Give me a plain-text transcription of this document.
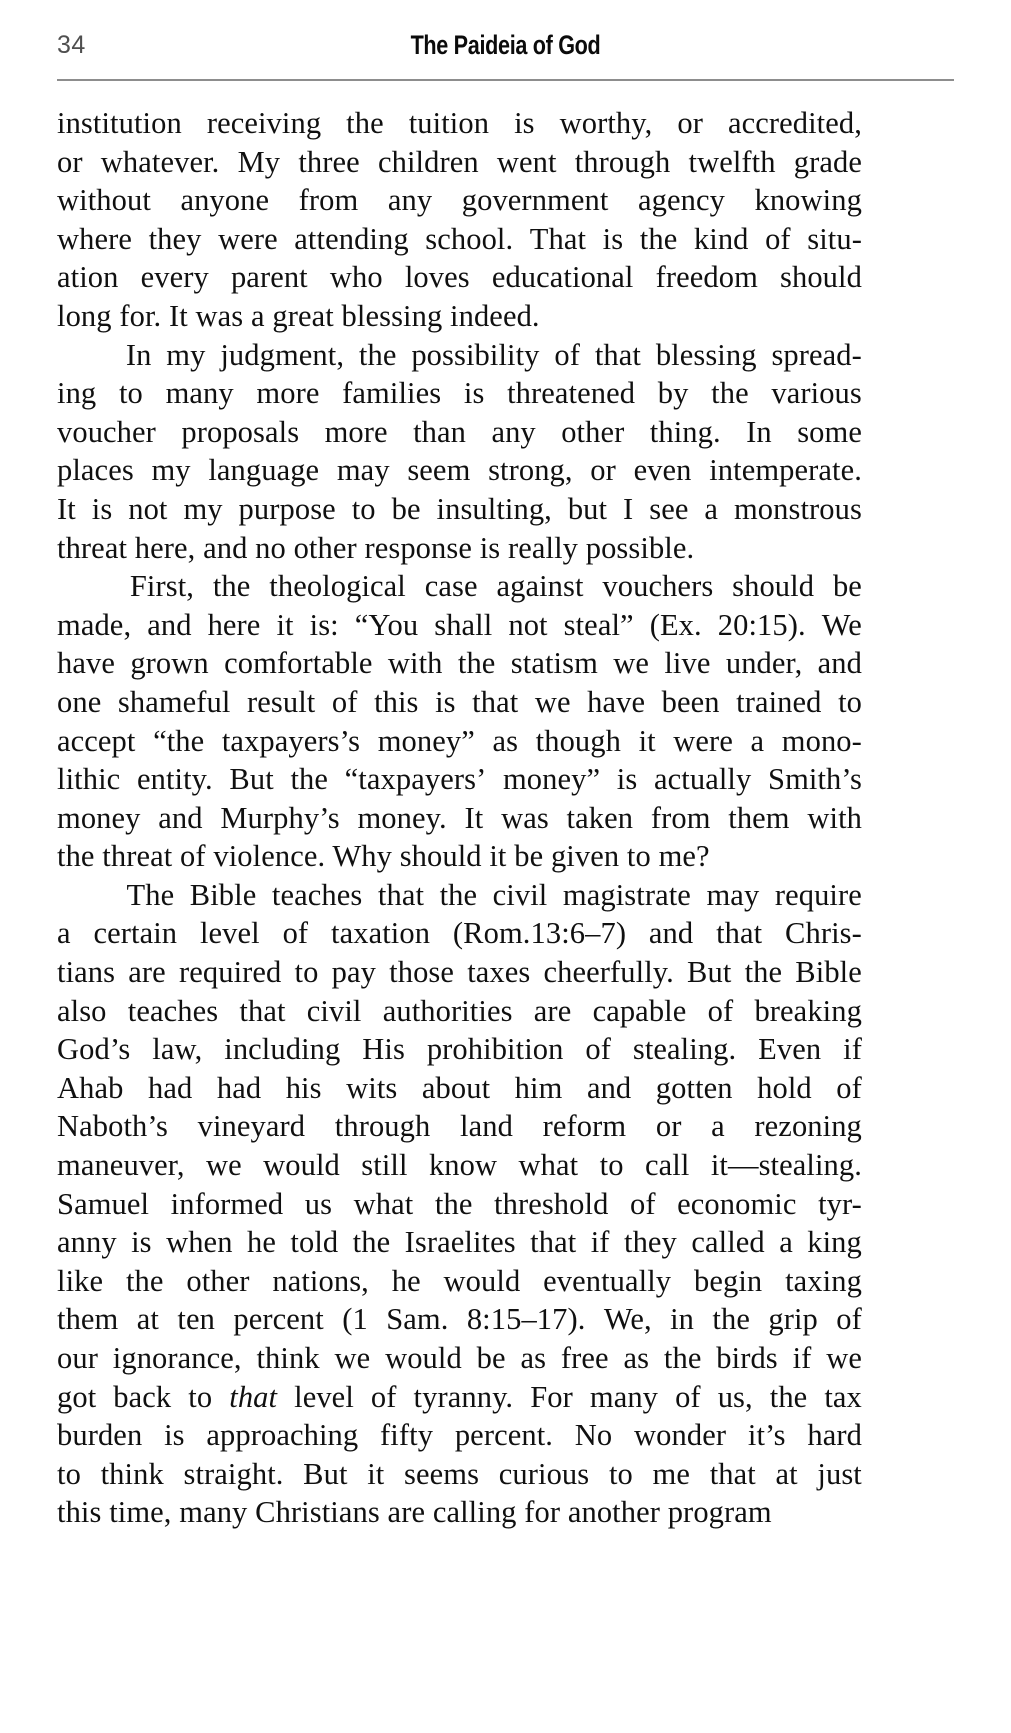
34	The Paideia of God

institution receiving the tuition is worthy, or accredited,
or whatever. My three children went through twelfth grade
without anyone from any government agency knowing
where they were attending school. That is the kind of situ-
ation every parent who loves educational freedom should
long for. It was a great blessing indeed.

In my judgment, the possibility of that blessing spread-
ing to many more families is threatened by the various
voucher proposals more than any other thing. In some
places my language may seem strong, or even intemperate.
It is not my purpose to be insulting, but I see a monstrous
threat here, and no other response is really possible.

First, the theological case against vouchers should be
made, and here it is: “You shall not steal” (Ex. 20:15). We
have grown comfortable with the statism we live under, and
one shameful result of this is that we have been trained to
accept “the taxpayers’s money” as though it were a mono-
lithic entity. But the “taxpayers’ money” is actually Smith’s
money and Murphy’s money. It was taken from them with
the threat of violence. Why should it be given to me?

The Bible teaches that the civil magistrate may require
a certain level of taxation (Rom.13:6–7) and that Chris-
tians are required to pay those taxes cheerfully. But the Bible
also teaches that civil authorities are capable of breaking
God’s law, including His prohibition of stealing. Even if
Ahab had had his wits about him and gotten hold of
Naboth’s vineyard through land reform or a rezoning
maneuver, we would still know what to call it—stealing.
Samuel informed us what the threshold of economic tyr-
anny is when he told the Israelites that if they called a king
like the other nations, he would eventually begin taxing
them at ten percent (1 Sam. 8:15–17). We, in the grip of
our ignorance, think we would be as free as the birds if we
got back to that level of tyranny. For many of us, the tax
burden is approaching fifty percent. No wonder it’s hard
to think straight. But it seems curious to me that at just
this time, many Christians are calling for another program
